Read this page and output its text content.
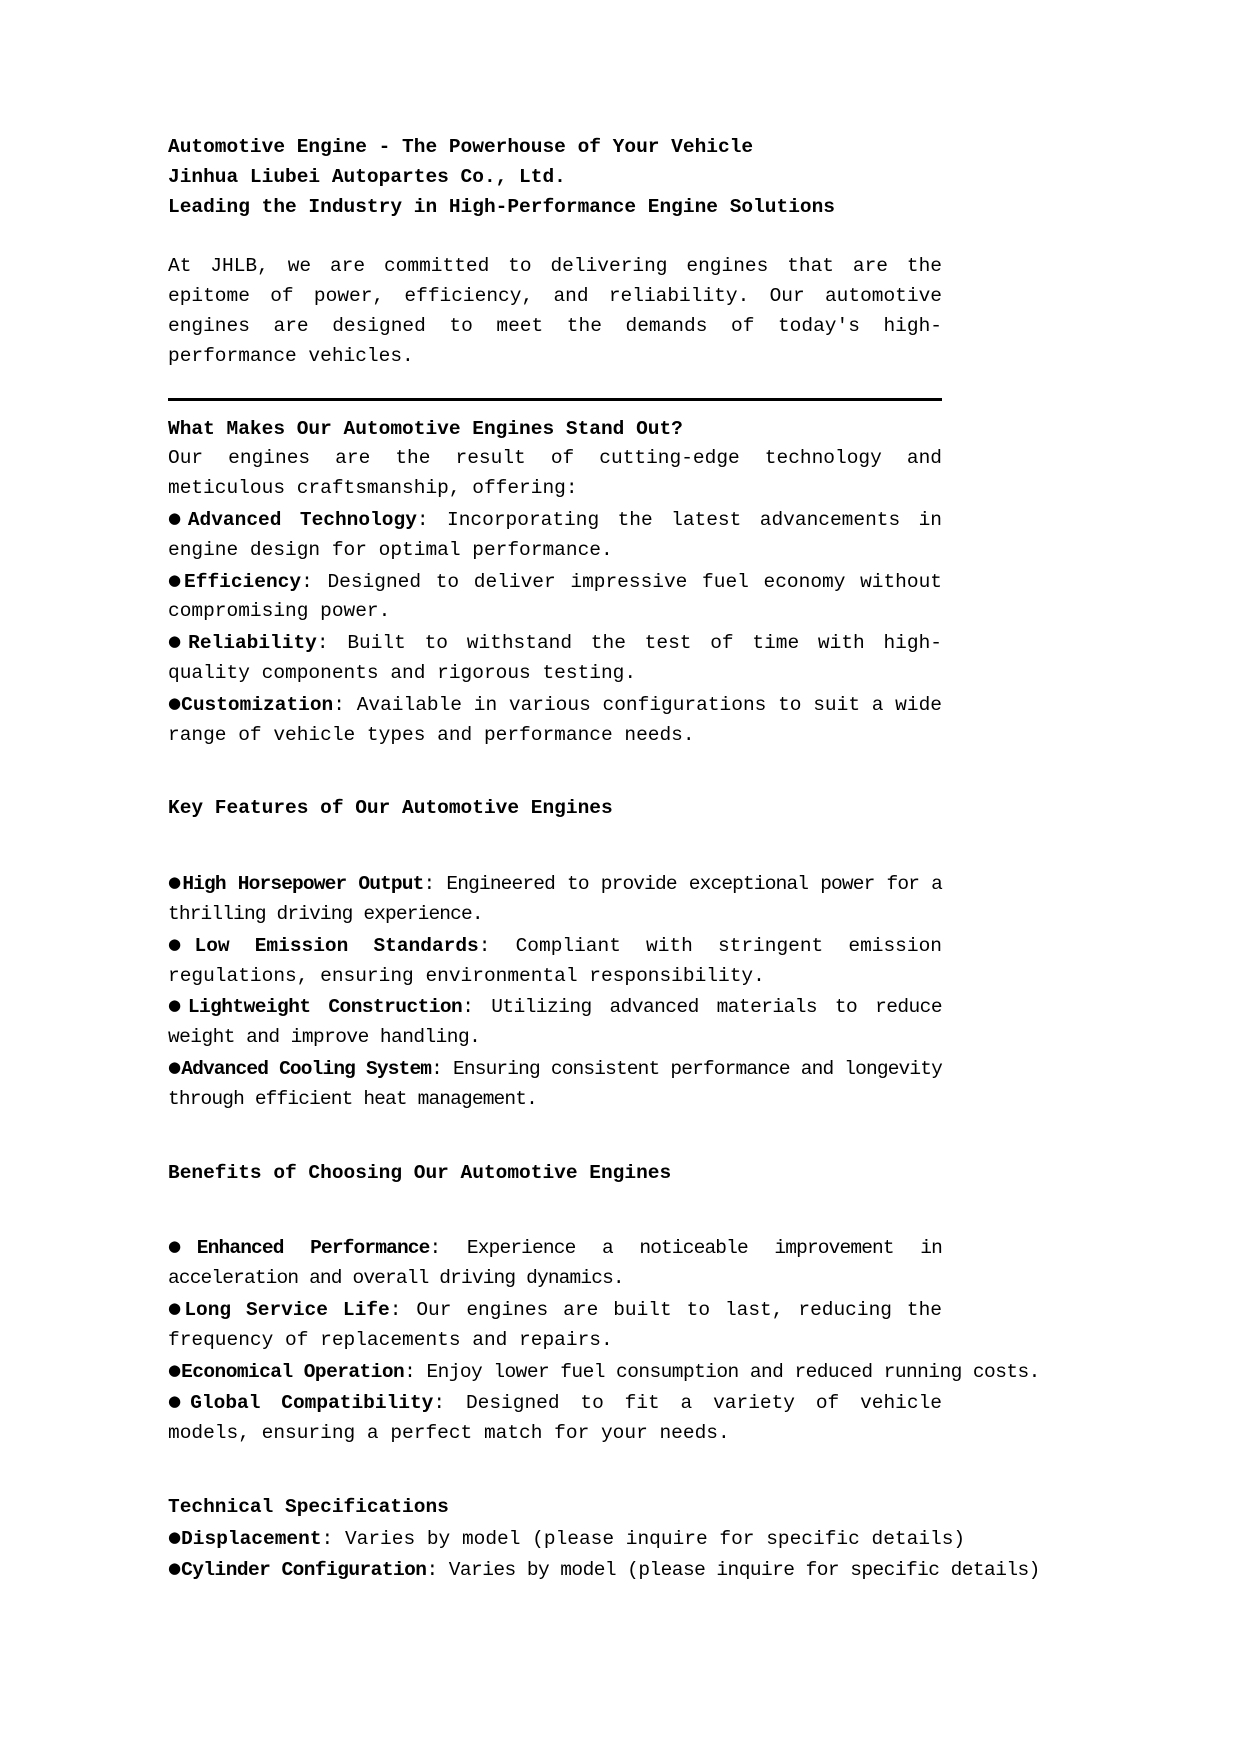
Automotive Engine - The Powerhouse of Your Vehicle
Jinhua Liubei Autopartes Co., Ltd.
Leading the Industry in High-Performance Engine Solutions

At JHLB, we are committed to delivering engines that are the epitome of power, efficiency, and reliability. Our automotive engines are designed to meet the demands of today's high-performance vehicles.

What Makes Our Automotive Engines Stand Out?

Our engines are the result of cutting-edge technology and meticulous craftsmanship, offering:

●Advanced Technology: Incorporating the latest advancements in engine design for optimal performance.

●Efficiency: Designed to deliver impressive fuel economy without compromising power.

●Reliability: Built to withstand the test of time with high-quality components and rigorous testing.

●Customization: Available in various configurations to suit a wide range of vehicle types and performance needs.

Key Features of Our Automotive Engines

●High Horsepower Output: Engineered to provide exceptional power for a thrilling driving experience.

●Low Emission Standards: Compliant with stringent emission regulations, ensuring environmental responsibility.

●Lightweight Construction: Utilizing advanced materials to reduce weight and improve handling.

●Advanced Cooling System: Ensuring consistent performance and longevity through efficient heat management.

Benefits of Choosing Our Automotive Engines

●Enhanced Performance: Experience a noticeable improvement in acceleration and overall driving dynamics.

●Long Service Life: Our engines are built to last, reducing the frequency of replacements and repairs.

●Economical Operation: Enjoy lower fuel consumption and reduced running costs.

●Global Compatibility: Designed to fit a variety of vehicle models, ensuring a perfect match for your needs.

Technical Specifications

●Displacement: Varies by model (please inquire for specific details)

●Cylinder Configuration: Varies by model (please inquire for specific details)
